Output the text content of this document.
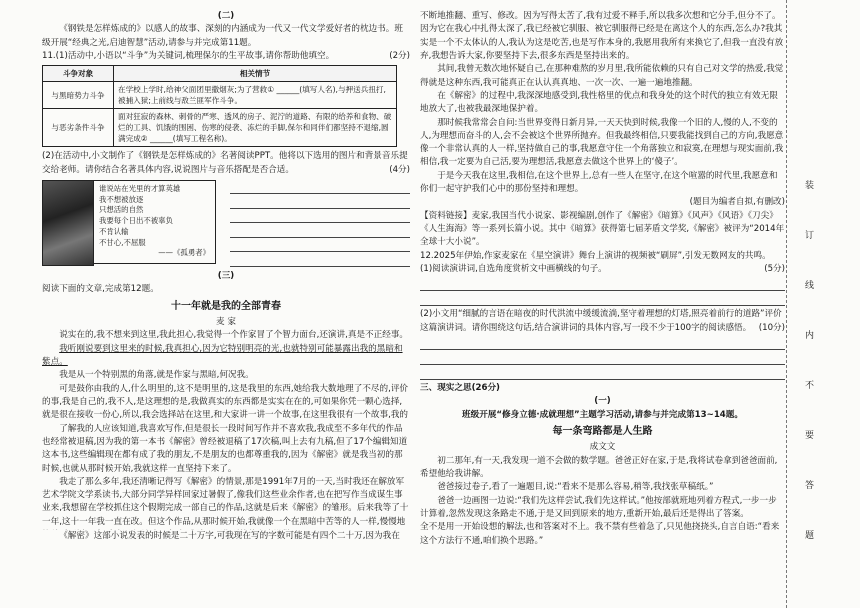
(二)

《钢铁是怎样炼成的》以感人的故事、深刻的内涵成为一代又一代文学爱好者的枕边书。班级开展“经典之光,启迪智慧”活动,请参与并完成第11题。

11.(1)活动中,小语以“斗争”为关键词,梳理保尔的生平故事,请你帮助他填空。	(2分)

斗争对象	相关情节
与黑暗势力斗争	在学校上学时,给神父面团里撒烟灰;为了营救① ______(填写人名),与押送兵扭打,被捕入狱;上前线与敌兰匪军作斗争。
与恶劣条件斗争	面对狂寂的森林、刺骨的严寒、透风的房子、泥泞的道路、有限的给养和食物、破烂的工具、饥饿的围困、伤寒的侵袭、冻烂的手脚,保尔和同伴们都坚持不退缩,圆满完成② ______(填写工程名称)。

(2)在活动中,小文制作了《钢铁是怎样炼成的》名著阅读PPT。他将以下选用的图片和背景音乐提交给老师。请你结合名著具体内容,说说图片与音乐搭配是否合适。	(4分)

谁说站在光里的才算英雄
我不想被放逐
只想活的自然
我要每个日出不被辜负
不肯认输
不甘心,不屈服
——《孤勇者》
(三)

阅读下面的文章,完成第12题。

十一年就是我的全部青春
麦 家

说实在的,我不想来到这里,我此担心,我觉得一个作家冒了个智力面台,还演讲,真是不正经事。

我听刚说要到这里来的时候,我真担心,因为它特别明亮的光,也就特别可能暴露出我的黑暗和紫点。

我是从一个特别黑的角落,就是作家与黑暗,何况我。

可是鼓你由我的人,什么明里的,这不是明里的,这是我里的东西,她给我大数地理了不尽的,评价的事,我是自己的,我不人,是这理想的是,我做真实的东西都是实实在在的,可如果你凭一颗心选择,就是很在接收一份心,所以,我会选择站在这里,和大家讲一讲一个故事,在这里我很有一个故事,我的

了解我的人应该知道,我喜欢写作,但是很长一段时间写作并不喜欢我,我成至不多年代的作品也经常被退稿,因为我的第一本书《解密》曾经被退稿了17次稿,叫上去有九稿,但了17个编辑知道这本书,这些编辑现在都有成了我的朋友,不是朋友的也都尊重我的,因为《解密》就是我当初的那时候,也就从那时候开始,我就这样一直坚持下来了。

我走了那么多年,我还清晰记得写《解密》的情景,那是1991年7月的一天,当时我还在解放军艺术学院文学系读书,大部分同学异样回家过暑假了,像我们这些业余作者,也在把写作当成谋生事业来,我想留在学校抓住这个假期完成一部自己的作品,这就是后来《解密》的雏形。后来我等了十一年,这十一年我一直在改。但这个作品,从那时候开始,我就像一个在黑暗中苦等的人一样,慢慢地

《解密》这部小说发表的时候是二十万字,可我现在写的字数可能是有四个二十万,因为我在

不断地推翻、重写、修改。因为写得太苦了,我有过爱不释手,所以我多次想和它分手,但分不了。因为它在我心中扎得太深了,我已经被它驯服、被它驯服得已经是在离这个人的东西,怎么办?我其实是一个不太体认的人,我认为这是吃苦,也是写作本身的,我愿用我所有来换它了,但我一直没有放弃,我想告诉大家,你要坚持下去,很多东西是坚持出来的。

其间,我曾无数次地怀疑自己,在那种难熬的岁月里,我所能依赖的只有自己对文学的热爱,我觉得就是这种东西,我可能真正在认认真真地、一次一次、一遍一遍地推翻。

在《解密》的过程中,我深深地感受到,我性格里的优点和我身处的这个时代的独立有效无限地放大了,也被我最深地保护着。

那时候我常常会自问:当世界变得日新月异,一天天快到时候,我像一个旧的人,慢的人,不变的人,为理想而奋斗的人,会不会被这个世界所抛弃。但我最终相信,只要我能找到自己的方向,我愿意像一个非常认真的人一样,坚持做自己的事,我愿意守住一个角落独立和寂寞,在理想与现实面前,我相信,我一定要为自己活,要为理想活,我愿意去做这个世界上的‘傻子’。

于是今天我在这里,我相信,在这个世界上,总有一些人在坚守,在这个喧嚣的时代里,我愿意和你们一起守护我们心中的那份坚持和理想。

(题目为编者自拟,有删改)

【资料链接】麦家,我国当代小说家、影视编剧,创作了《解密》《暗算》《风声》《风语》《刀尖》《人生海海》等一系列长篇小说。其中《暗算》获得第七届茅盾文学奖,《解密》被评为“2014年全球十大小说”。

12.2025年伊始,作家麦家在《星空演讲》舞台上演讲的视频被“刷屏”,引发无数网友的共鸣。

(1)阅读演讲词,自选角度赏析文中画横线的句子。	(5分)

(2)小文用“细腻的言语在暗夜的时代洪流中缓缓流淌,坚守着理想的灯塔,照亮着前行的道路”评价这篇演讲词。请你围绕这句话,结合演讲词的具体内容,写一段不少于100字的阅读感悟。 (10分)

三、现实之思(26分)

(一)

班级开展“修身立德·成就理想”主题学习活动,请参与并完成第13~14题。

每一条弯路都是人生路
成文文

初二那年,有一天,我发现一道不会做的数学题。爸爸正好在家,于是,我将试卷拿到爸爸面前,希望他给我讲解。

爸爸接过卷子,看了一遍题目,说:“看来不是那么容易,稍等,我找张草稿纸。”

爸爸一边画图一边说:“我们先这样尝试,我们先这样试。”他按部就班地列着方程式,一步一步计算着,忽然发现这条路走不通,于是又回到原来的地方,重新开始,最后还是得出了答案。

全不是用一开始设想的解法,也和答案对不上。我不禁有些着急了,只见他挠挠头,自言自语:“看来这个方法行不通,咱们换个思路。”

装
订
线
内
不
要
答
题
